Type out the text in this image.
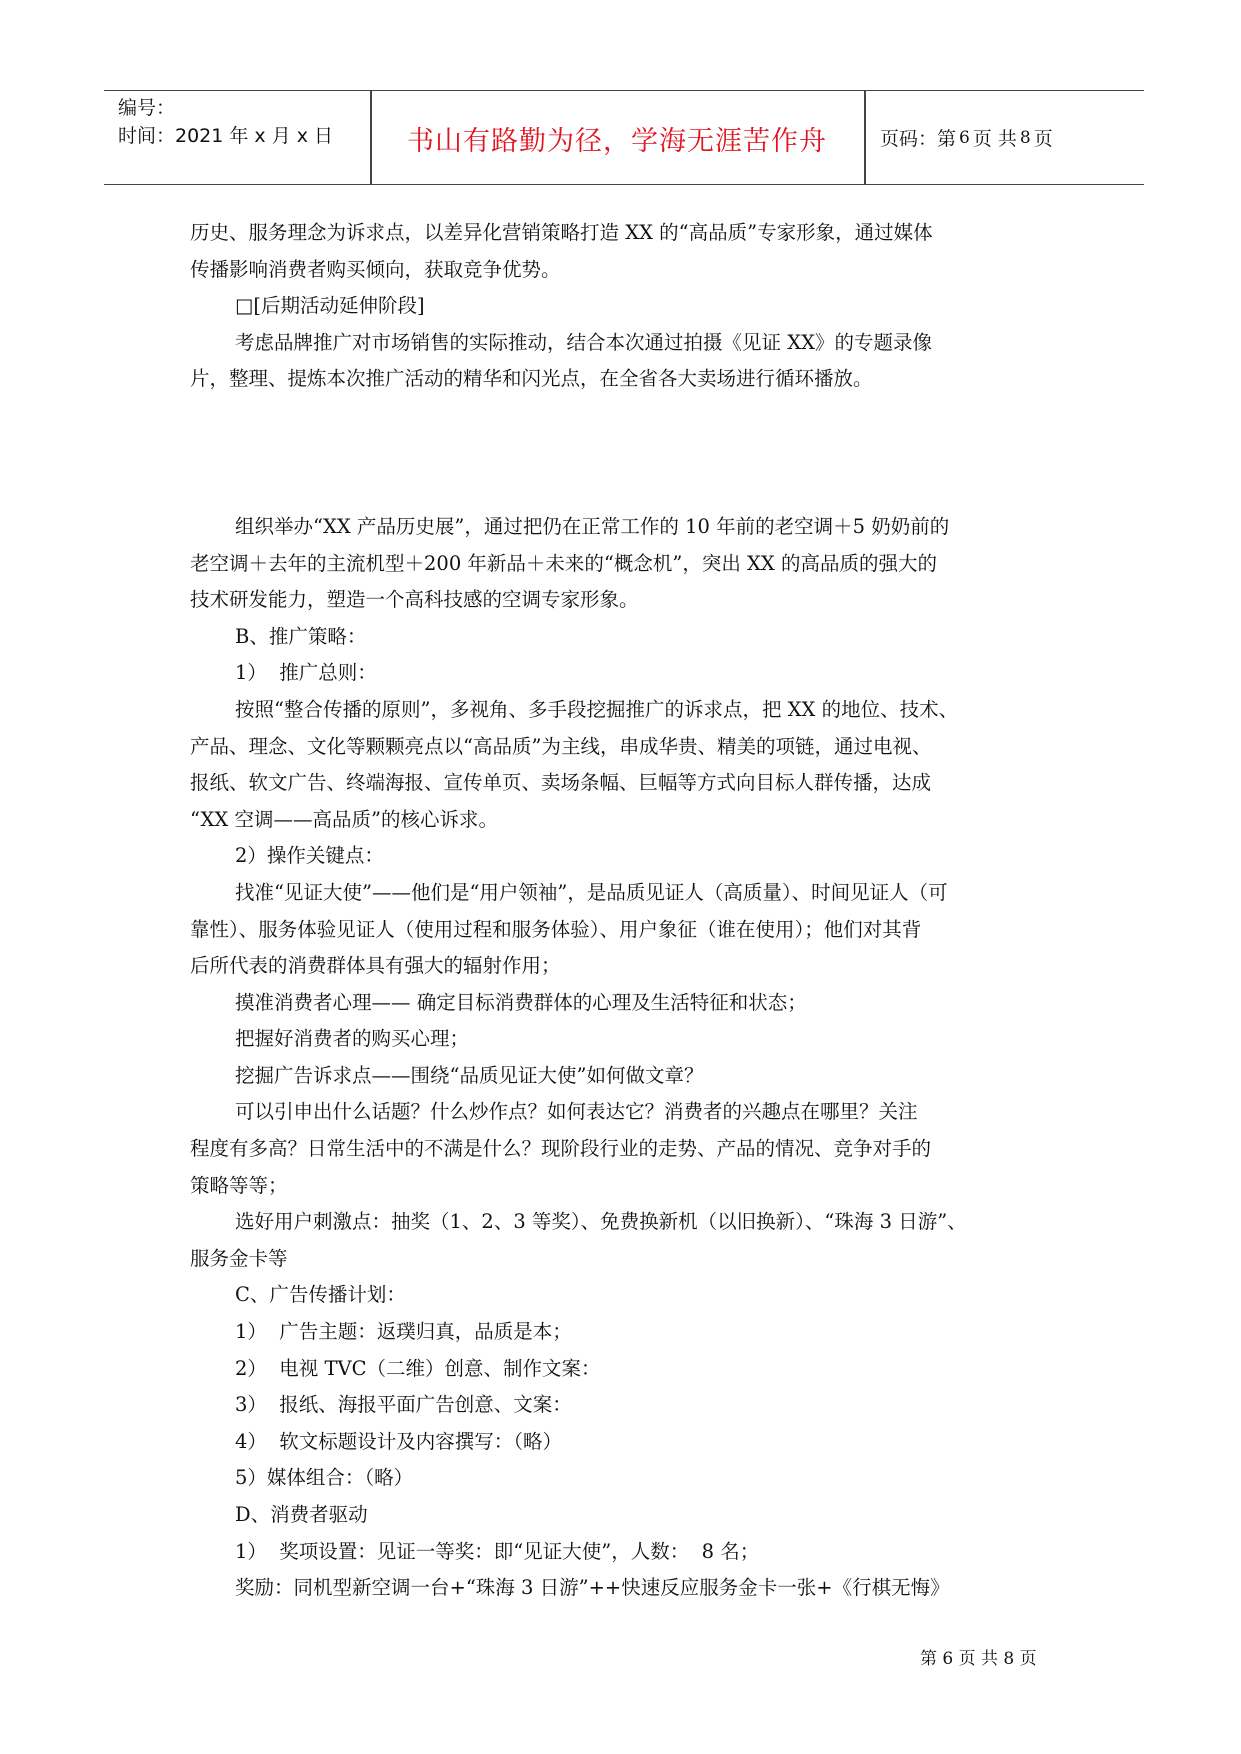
编号：
时间：2021 年 x 月 x 日	书山有路勤为径，学海无涯苦作舟	页码：第 6 页 共 8 页

历史、服务理念为诉求点，以差异化营销策略打造 XX 的“高品质”专家形象，通过媒体

传播影响消费者购买倾向，获取竞争优势。

□[后期活动延伸阶段]

考虑品牌推广对市场销售的实际推动，结合本次通过拍摄《见证 XX》的专题录像

片，整理、提炼本次推广活动的精华和闪光点，在全省各大卖场进行循环播放。

组织举办“XX 产品历史展”，通过把仍在正常工作的 10 年前的老空调＋5 奶奶前的

老空调＋去年的主流机型＋200 年新品＋未来的“概念机”，突出 XX 的高品质的强大的

技术研发能力，塑造一个高科技感的空调专家形象。

B、推广策略：

1）  推广总则：

按照“整合传播的原则”，多视角、多手段挖掘推广的诉求点，把 XX 的地位、技术、

产品、理念、文化等颗颗亮点以“高品质”为主线，串成华贵、精美的项链，通过电视、

报纸、软文广告、终端海报、宣传单页、卖场条幅、巨幅等方式向目标人群传播，达成

“XX 空调——高品质”的核心诉求。

2）操作关键点：

找准“见证大使”——他们是“用户领袖”，是品质见证人（高质量）、时间见证人（可

靠性）、服务体验见证人（使用过程和服务体验）、用户象征（谁在使用）；他们对其背

后所代表的消费群体具有强大的辐射作用；

摸准消费者心理—— 确定目标消费群体的心理及生活特征和状态；

把握好消费者的购买心理；

挖掘广告诉求点——围绕“品质见证大使”如何做文章？

可以引申出什么话题？什么炒作点？如何表达它？消费者的兴趣点在哪里？关注

程度有多高？日常生活中的不满是什么？现阶段行业的走势、产品的情况、竞争对手的

策略等等；

选好用户刺激点：抽奖（1、2、3 等奖）、免费换新机（以旧换新）、“珠海 3 日游”、

服务金卡等

C、广告传播计划：

1）  广告主题：返璞归真，品质是本；

2）  电视 TVC（二维）创意、制作文案：

3）  报纸、海报平面广告创意、文案：

4）  软文标题设计及内容撰写：（略）

5）媒体组合：（略）

D、消费者驱动

1）  奖项设置：见证一等奖：即“见证大使”，人数：  8 名；

奖励：同机型新空调一台+“珠海 3 日游”++快速反应服务金卡一张+《行棋无悔》

第 6 页 共 8 页
